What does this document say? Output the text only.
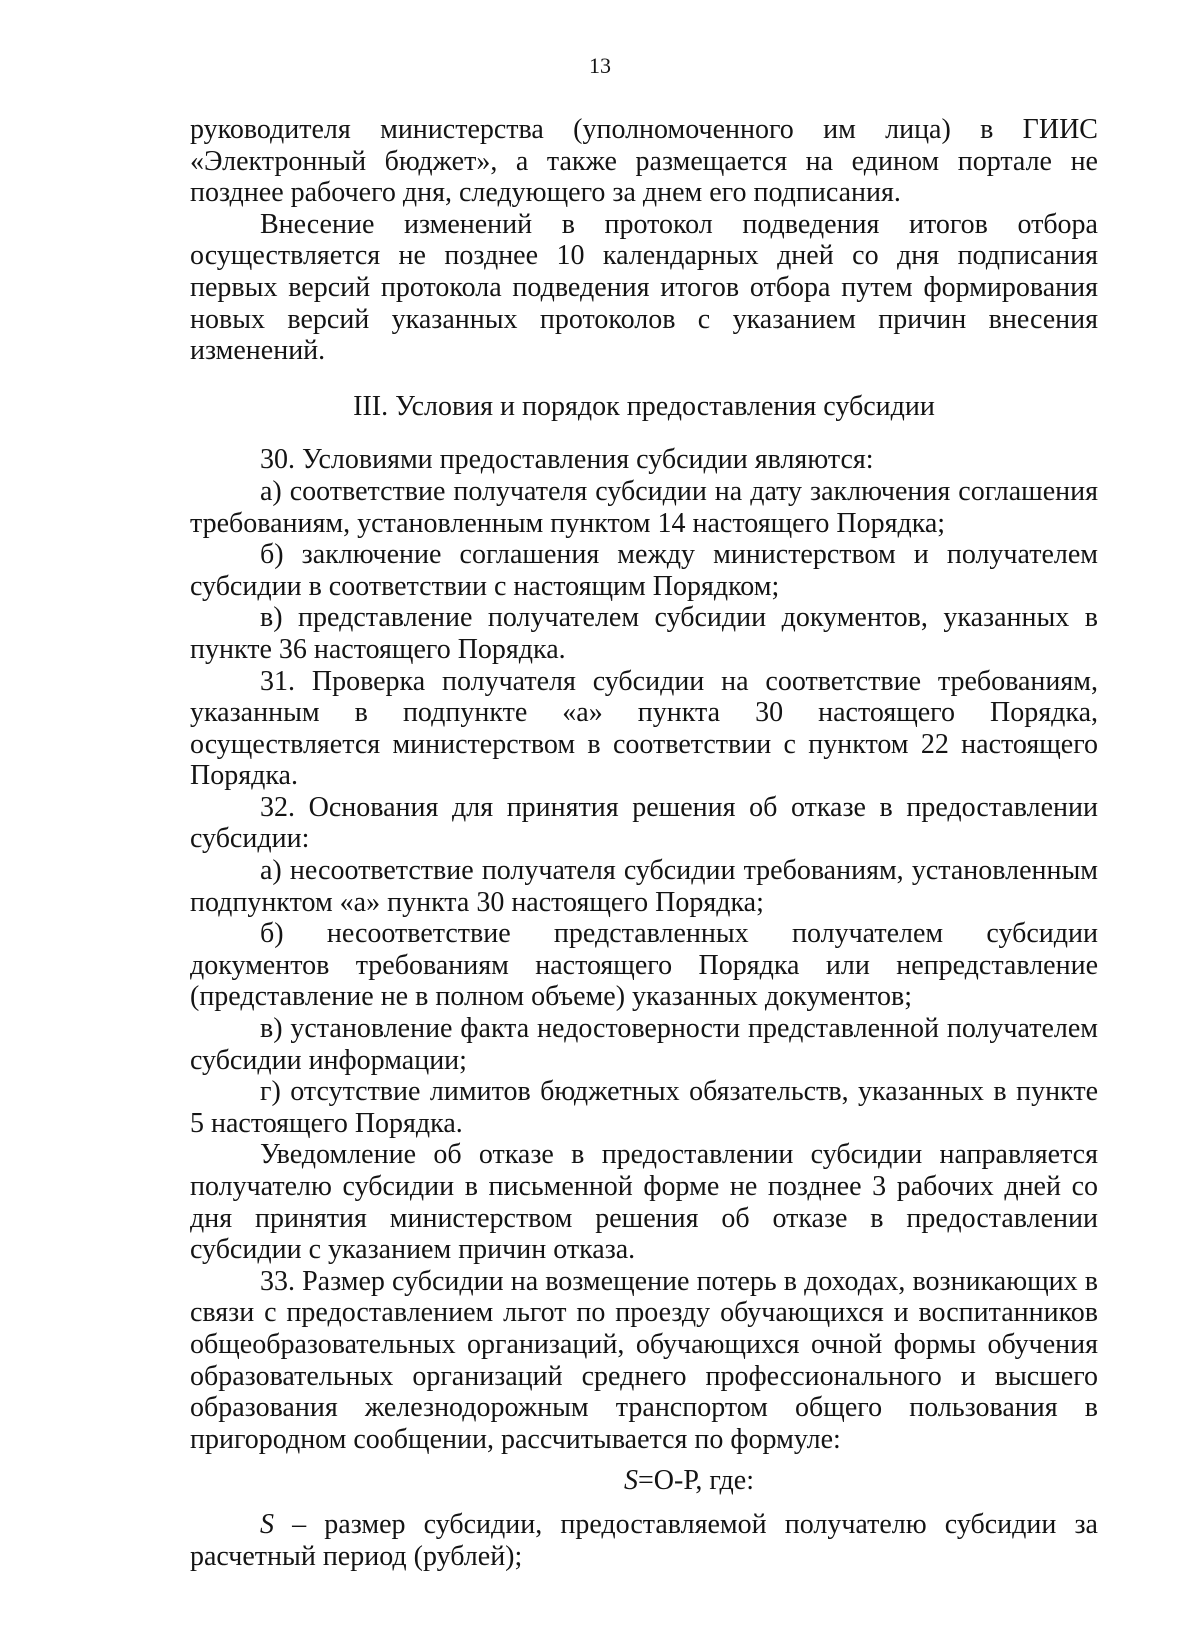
13

руководителя министерства (уполномоченного им лица) в ГИИС «Электронный бюджет», а также размещается на едином портале не позднее рабочего дня, следующего за днем его подписания.

Внесение изменений в протокол подведения итогов отбора осуществляется не позднее 10 календарных дней со дня подписания первых версий протокола подведения итогов отбора путем формирования новых версий указанных протоколов с указанием причин внесения изменений.

III. Условия и порядок предоставления субсидии

30. Условиями предоставления субсидии являются:

а) соответствие получателя субсидии на дату заключения соглашения требованиям, установленным пунктом 14 настоящего Порядка;

б) заключение соглашения между министерством и получателем субсидии в соответствии с настоящим Порядком;

в) представление получателем субсидии документов, указанных в пункте 36 настоящего Порядка.

31. Проверка получателя субсидии на соответствие требованиям, указанным в подпункте «а» пункта 30 настоящего Порядка, осуществляется министерством в соответствии с пунктом 22 настоящего Порядка.

32. Основания для принятия решения об отказе в предоставлении субсидии:

а) несоответствие получателя субсидии требованиям, установленным подпунктом «а» пункта 30 настоящего Порядка;

б) несоответствие представленных получателем субсидии документов требованиям настоящего Порядка или непредставление (представление не в полном объеме) указанных документов;

в) установление факта недостоверности представленной получателем субсидии информации;

г) отсутствие лимитов бюджетных обязательств, указанных в пункте 5 настоящего Порядка.

Уведомление об отказе в предоставлении субсидии направляется получателю субсидии в письменной форме не позднее 3 рабочих дней со дня принятия министерством решения об отказе в предоставлении субсидии с указанием причин отказа.

33. Размер субсидии на возмещение потерь в доходах, возникающих в связи с предоставлением льгот по проезду обучающихся и воспитанников общеобразовательных организаций, обучающихся очной формы обучения образовательных организаций среднего профессионального и высшего образования железнодорожным транспортом общего пользования в пригородном сообщении, рассчитывается по формуле:

S=О-Р, где:

S – размер субсидии, предоставляемой получателю субсидии за расчетный период (рублей);
